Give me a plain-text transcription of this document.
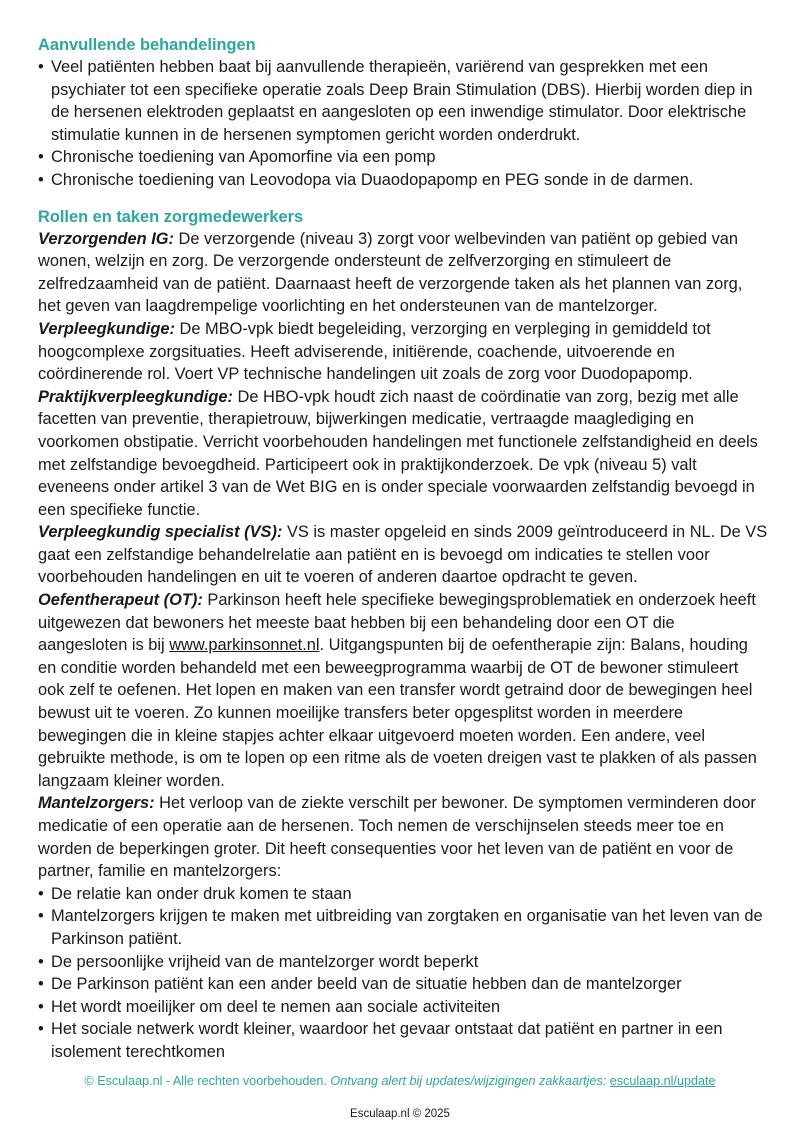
Aanvullende behandelingen
• Veel patiënten hebben baat bij aanvullende therapieën, variërend van gesprekken met een psychiater tot een specifieke operatie zoals Deep Brain Stimulation (DBS). Hierbij worden diep in de hersenen elektroden geplaatst en aangesloten op een inwendige stimulator. Door elektrische stimulatie kunnen in de hersenen symptomen gericht worden onderdrukt.
• Chronische toediening van Apomorfine via een pomp
• Chronische toediening van Leovodopa via Duaodopapomp en PEG sonde in de darmen.
Rollen en taken zorgmedewerkers

Verzorgenden IG: De verzorgende (niveau 3) zorgt voor welbevinden van patiënt op gebied van wonen, welzijn en zorg. De verzorgende ondersteunt de zelfverzorging en stimuleert de zelfredzaamheid van de patiënt. Daarnaast heeft de verzorgende taken als het plannen van zorg, het geven van laagdrempelige voorlichting en het ondersteunen van de mantelzorger.

Verpleegkundige: De MBO-vpk biedt begeleiding, verzorging en verpleging in gemiddeld tot hoogcomplexe zorgsituaties. Heeft adviserende, initiërende, coachende, uitvoerende en coördinerende rol. Voert VP technische handelingen uit zoals de zorg voor Duodopapomp.

Praktijkverpleegkundige: De HBO-vpk houdt zich naast de coördinatie van zorg, bezig met alle facetten van preventie, therapietrouw, bijwerkingen medicatie, vertraagde maaglediging en voorkomen obstipatie. Verricht voorbehouden handelingen met functionele zelfstandigheid en deels met zelfstandige bevoegdheid. Participeert ook in praktijkonderzoek. De vpk (niveau 5) valt eveneens onder artikel 3 van de Wet BIG en is onder speciale voorwaarden zelfstandig bevoegd in een specifieke functie.

Verpleegkundig specialist (VS): VS is master opgeleid en sinds 2009 geïntroduceerd in NL. De VS gaat een zelfstandige behandelrelatie aan patiënt en is bevoegd om indicaties te stellen voor voorbehouden handelingen en uit te voeren of anderen daartoe opdracht te geven.

Oefentherapeut (OT): Parkinson heeft hele specifieke bewegingsproblematiek en onderzoek heeft uitgewezen dat bewoners het meeste baat hebben bij een behandeling door een OT die aangesloten is bij www.parkinsonnet.nl. Uitgangspunten bij de oefentherapie zijn: Balans, houding en conditie worden behandeld met een beweegprogramma waarbij de OT de bewoner stimuleert ook zelf te oefenen. Het lopen en maken van een transfer wordt getraind door de bewegingen heel bewust uit te voeren. Zo kunnen moeilijke transfers beter opgesplitst worden in meerdere bewegingen die in kleine stapjes achter elkaar uitgevoerd moeten worden. Een andere, veel gebruikte methode, is om te lopen op een ritme als de voeten dreigen vast te plakken of als passen langzaam kleiner worden.

Mantelzorgers: Het verloop van de ziekte verschilt per bewoner. De symptomen verminderen door medicatie of een operatie aan de hersenen. Toch nemen de verschijnselen steeds meer toe en worden de beperkingen groter. Dit heeft consequenties voor het leven van de patiënt en voor de partner, familie en mantelzorgers:

• De relatie kan onder druk komen te staan
• Mantelzorgers krijgen te maken met uitbreiding van zorgtaken en organisatie van het leven van de Parkinson patiënt.
• De persoonlijke vrijheid van de mantelzorger wordt beperkt
• De Parkinson patiënt kan een ander beeld van de situatie hebben dan de mantelzorger
• Het wordt moeilijker om deel te nemen aan sociale activiteiten
• Het sociale netwerk wordt kleiner, waardoor het gevaar ontstaat dat patiënt en partner in een isolement terechtkomen
© Esculaap.nl - Alle rechten voorbehouden. Ontvang alert bij updates/wijzigingen zakkaartjes: esculaap.nl/update
Esculaap.nl © 2025
